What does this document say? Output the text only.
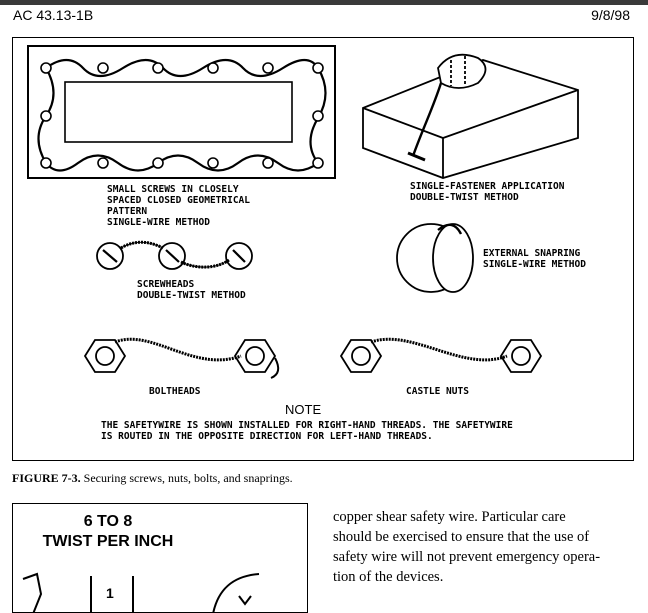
AC 43.13-1B	9/8/98
SMALL SCREWS IN CLOSELY
SPACED CLOSED GEOMETRICAL
PATTERN
SINGLE-WIRE METHOD
SINGLE-FASTENER APPLICATION
DOUBLE-TWIST METHOD
EXTERNAL SNAPRING
SINGLE-WIRE METHOD
SCREWHEADS
DOUBLE-TWIST METHOD
BOLTHEADS	CASTLE NUTS
THE SAFETYWIRE IS SHOWN INSTALLED FOR RIGHT-HAND THREADS. THE SAFETYWIRE
IS ROUTED IN THE OPPOSITE DIRECTION FOR LEFT-HAND THREADS.
NOTE
FIGURE 7-3. Securing screws, nuts, bolts, and snaprings.
6 TO 8
TWIST PER INCH
1
copper shear safety wire. Particular care
should be exercised to ensure that the use of
safety wire will not prevent emergency opera-
tion of the devices.
